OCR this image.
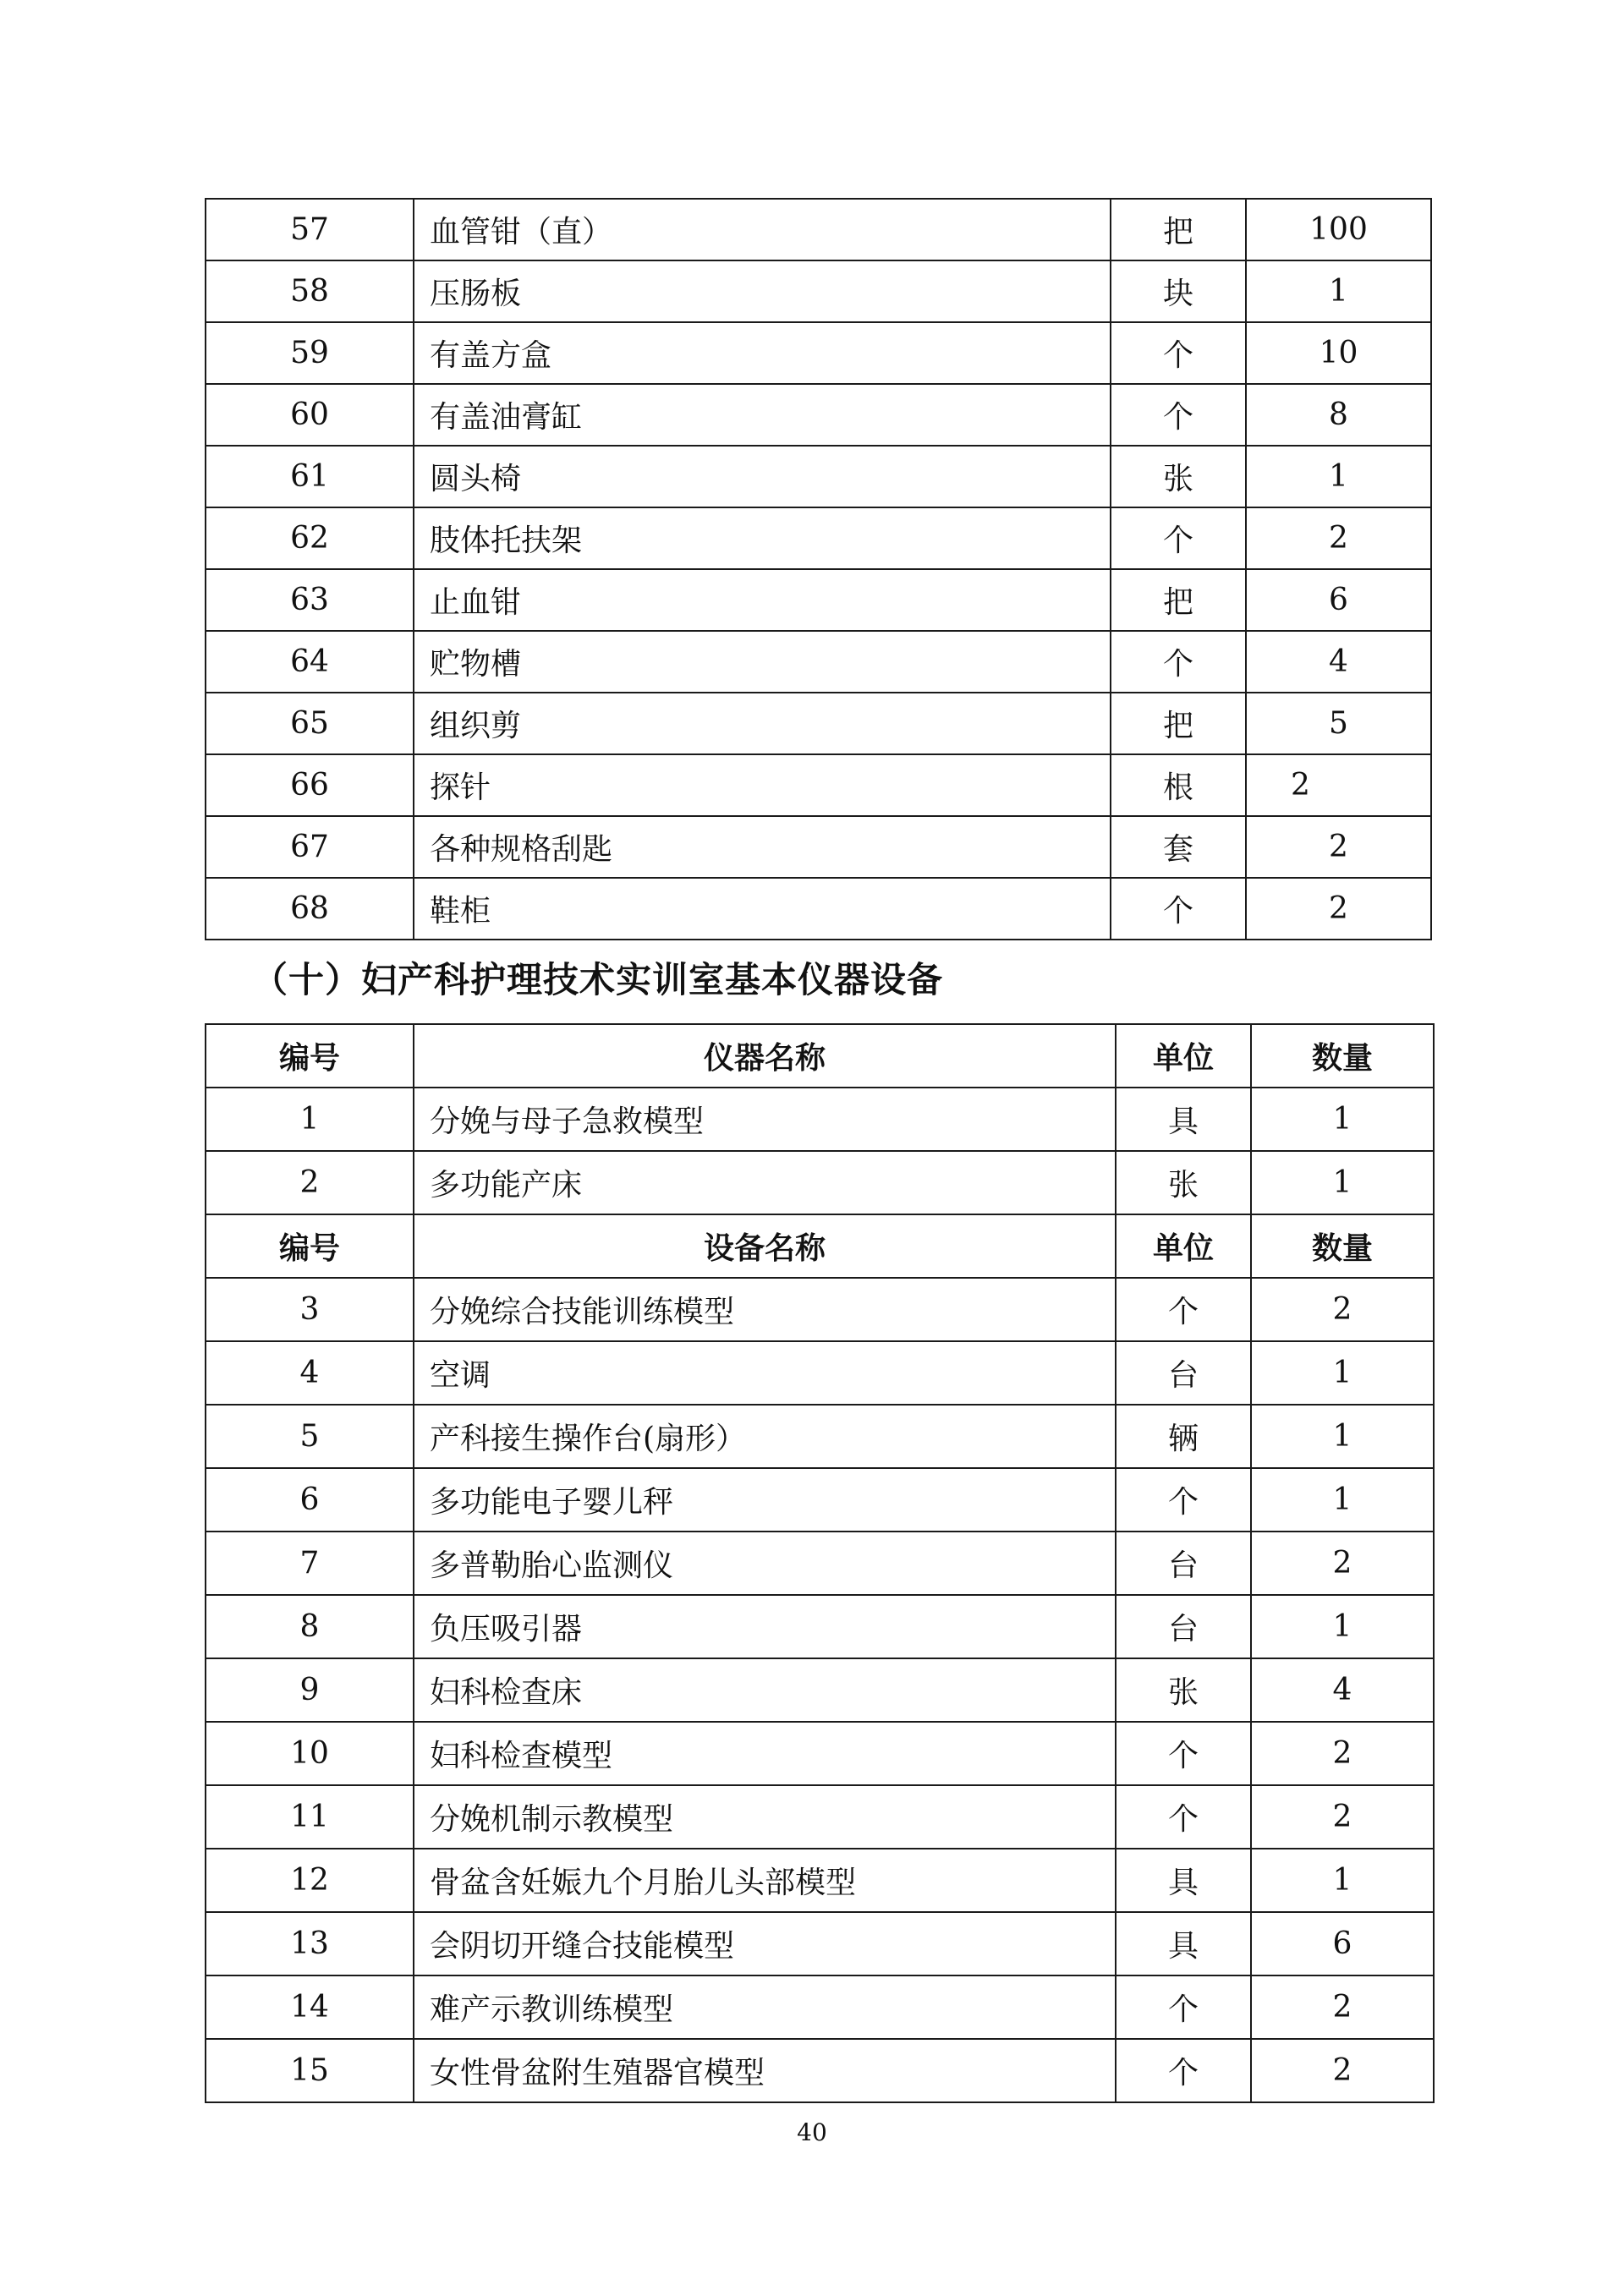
57	血管钳（直）	把	100
58	压肠板	块	1
59	有盖方盒	个	10
60	有盖油膏缸	个	8
61	圆头椅	张	1
62	肢体托扶架	个	2
63	止血钳	把	6
64	贮物槽	个	4
65	组织剪	把	5
66	探针	根	2
67	各种规格刮匙	套	2
68	鞋柜	个	2
（十）妇产科护理技术实训室基本仪器设备
编号	仪器名称	单位	数量
1	分娩与母子急救模型	具	1
2	多功能产床	张	1
编号	设备名称	单位	数量
3	分娩综合技能训练模型	个	2
4	空调	台	1
5	产科接生操作台(扇形）	辆	1
6	多功能电子婴儿秤	个	1
7	多普勒胎心监测仪	台	2
8	负压吸引器	台	1
9	妇科检查床	张	4
10	妇科检查模型	个	2
11	分娩机制示教模型	个	2
12	骨盆含妊娠九个月胎儿头部模型	具	1
13	会阴切开缝合技能模型	具	6
14	难产示教训练模型	个	2
15	女性骨盆附生殖器官模型	个	2
40
